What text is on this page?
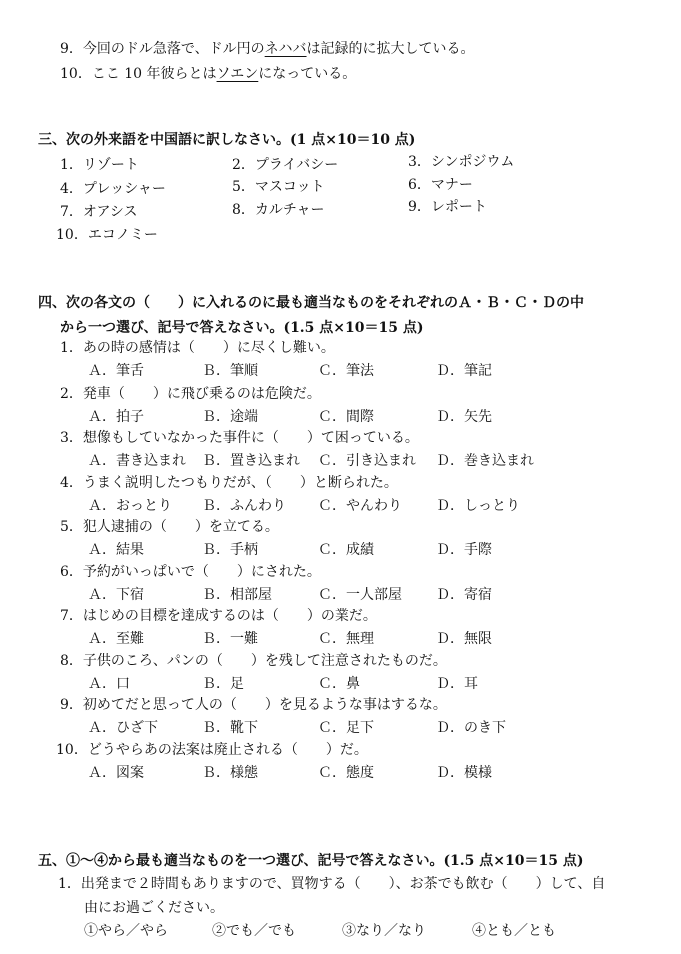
9．今回のドル急落で、ドル円のネハバは記録的に拡大している。
10．ここ 10 年彼らとはソエンになっている。
三、次の外来語を中国語に訳しなさい。(1 点×10＝10 点)
1．リゾート	2．プライバシー	3．シンポジウム
4．プレッシャー	5．マスコット	6．マナー
7．オアシス	8．カルチャー	9．レポート
10．エコノミー
四、次の各文の（　　）に入れるのに最も適当なものをそれぞれのＡ・Ｂ・Ｃ・Ｄの中
から一つ選び、記号で答えなさい。(1.5 点×10＝15 点)
1．あの時の感情は（　　）に尽くし難い。
Ａ．筆舌	Ｂ．筆順	Ｃ．筆法	Ｄ．筆記
2．発車（　　）に飛び乗るのは危険だ。
Ａ．拍子	Ｂ．途端	Ｃ．間際	Ｄ．矢先
3．想像もしていなかった事件に（　　）て困っている。
Ａ．書き込まれ Ｂ．置き込まれ Ｃ．引き込まれ Ｄ．巻き込まれ
4．うまく説明したつもりだが、（　　）と断られた。
Ａ．おっとり Ｂ．ふんわり Ｃ．やんわり Ｄ．しっとり
5．犯人逮捕の（　　）を立てる。
Ａ．結果	Ｂ．手柄	Ｃ．成績	Ｄ．手際
6．予約がいっぱいで（　　）にされた。
Ａ．下宿	Ｂ．相部屋	Ｃ．一人部屋 Ｄ．寄宿
7．はじめの目標を達成するのは（　　）の業だ。
Ａ．至難	Ｂ．一難	Ｃ．無理	Ｄ．無限
8．子供のころ、パンの（　　）を残して注意されたものだ。
Ａ．口	Ｂ．足	Ｃ．鼻	Ｄ．耳
9．初めてだと思って人の（　　）を見るような事はするな。
Ａ．ひざ下	Ｂ．靴下	Ｃ．足下	Ｄ．のき下
10．どうやらあの法案は廃止される（　　）だ。
Ａ．図案	Ｂ．様態	Ｃ．態度	Ｄ．模様
五、①～④から最も適当なものを一つ選び、記号で答えなさい。(1.5 点×10＝15 点)
1．出発まで２時間もありますので、買物する（　　）、お茶でも飲む（　　）して、自
由にお過ごください。
①やら／やら	②でも／でも	③なり／なり	④とも／とも
